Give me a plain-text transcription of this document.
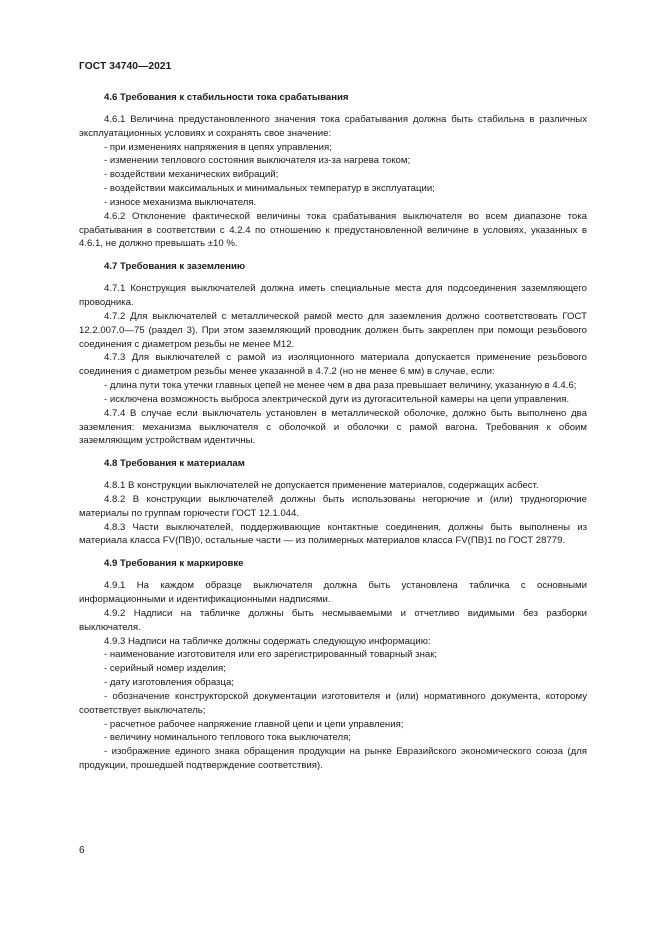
ГОСТ 34740—2021

4.6 Требования к стабильности тока срабатывания

4.6.1 Величина предустановленного значения тока срабатывания должна быть стабильна в различных эксплуатационных условиях и сохранять свое значение:

- при изменениях напряжения в цепях управления;

- изменении теплового состояния выключателя из-за нагрева током;

- воздействии механических вибраций;

- воздействии максимальных и минимальных температур в эксплуатации;

- износе механизма выключателя.

4.6.2 Отклонение фактической величины тока срабатывания выключателя во всем диапазоне тока срабатывания в соответствии с 4.2.4 по отношению к предустановленной величине в условиях, указанных в 4.6.1, не должно превышать ±10 %.

4.7 Требования к заземлению

4.7.1 Конструкция выключателей должна иметь специальные места для подсоединения заземляющего проводника.

4.7.2 Для выключателей с металлической рамой место для заземления должно соответствовать ГОСТ 12.2.007.0—75 (раздел 3). При этом заземляющий проводник должен быть закреплен при помощи резьбового соединения с диаметром резьбы не менее М12.

4.7.3 Для выключателей с рамой из изоляционного материала допускается применение резьбового соединения с диаметром резьбы менее указанной в 4.7.2 (но не менее 6 мм) в случае, если:

- длина пути тока утечки главных цепей не менее чем в два раза превышает величину, указанную в 4.4.6;

- исключена возможность выброса электрической дуги из дугогасительной камеры на цепи управления.

4.7.4 В случае если выключатель установлен в металлической оболочке, должно быть выполнено два заземления: механизма выключателя с оболочкой и оболочки с рамой вагона. Требования к обоим заземляющим устройствам идентичны.

4.8 Требования к материалам

4.8.1 В конструкции выключателей не допускается применение материалов, содержащих асбест.

4.8.2 В конструкции выключателей должны быть использованы негорючие и (или) трудногорючие материалы по группам горючести ГОСТ 12.1.044.

4.8.3 Части выключателей, поддерживающие контактные соединения, должны быть выполнены из материала класса FV(ПВ)0, остальные части — из полимерных материалов класса FV(ПВ)1 по ГОСТ 28779.

4.9 Требования к маркировке

4.9.1 На каждом образце выключателя должна быть установлена табличка с основными информационными и идентификационными надписями.

4.9.2 Надписи на табличке должны быть несмываемыми и отчетливо видимыми без разборки выключателя.

4.9.3 Надписи на табличке должны содержать следующую информацию:

- наименование изготовителя или его зарегистрированный товарный знак;

- серийный номер изделия;

- дату изготовления образца;

- обозначение конструкторской документации изготовителя и (или) нормативного документа, которому соответствует выключатель;

- расчетное рабочее напряжение главной цепи и цепи управления;

- величину номинального теплового тока выключателя;

- изображение единого знака обращения продукции на рынке Евразийского экономического союза (для продукции, прошедшей подтверждение соответствия).

6
